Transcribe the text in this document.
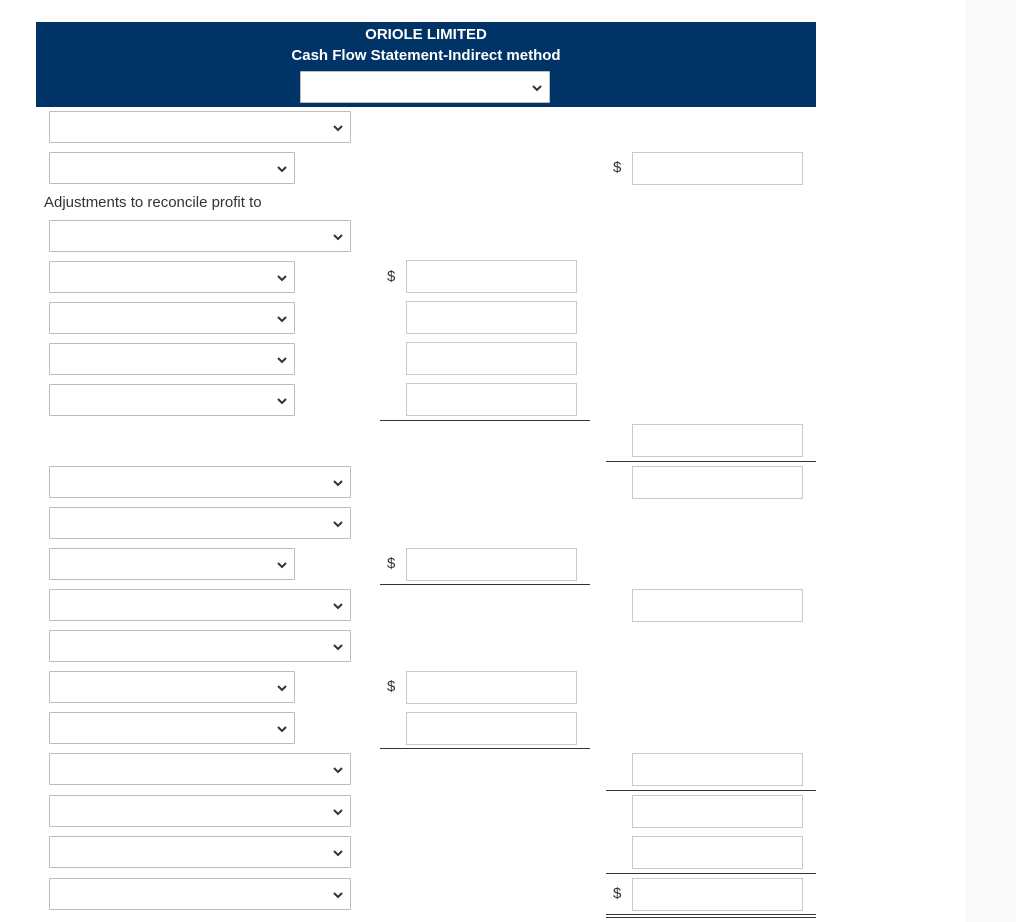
ORIOLE LIMITED
Cash Flow Statement-Indirect method
$
Adjustments to reconcile profit to
$
$
$
$
